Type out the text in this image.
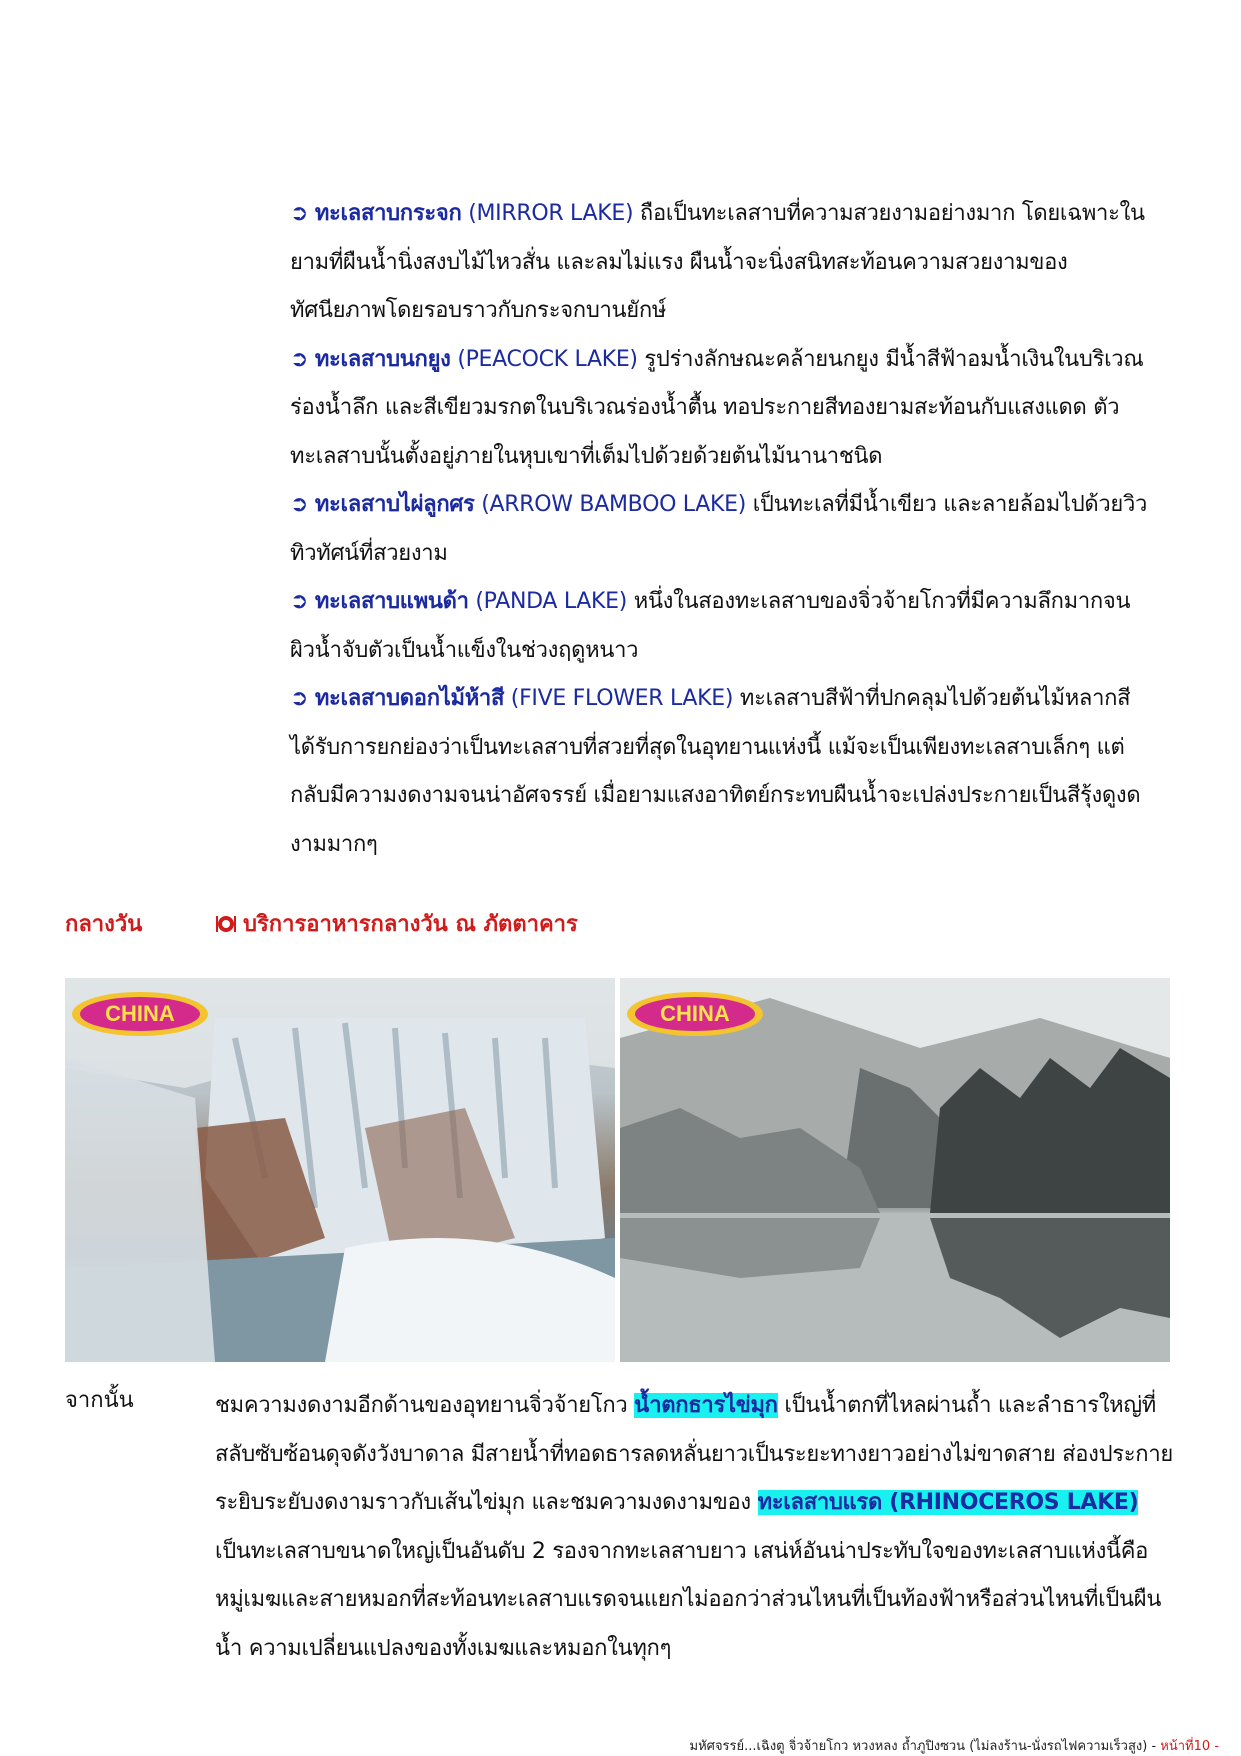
➲ ทะเลสาบกระจก (MIRROR LAKE) ถือเป็นทะเลสาบที่ความสวยงามอย่างมาก โดยเฉพาะในยามที่ผืนน้ำนิ่งสงบไม้ไหวสั่น และลมไม่แรง ผืนน้ำจะนิ่งสนิทสะท้อนความสวยงามของทัศนียภาพโดยรอบราวกับกระจกบานยักษ์

➲ ทะเลสาบนกยูง (PEACOCK LAKE) รูปร่างลักษณะคล้ายนกยูง มีน้ำสีฟ้าอมน้ำเงินในบริเวณร่องน้ำลึก และสีเขียวมรกตในบริเวณร่องน้ำตื้น ทอประกายสีทองยามสะท้อนกับแสงแดด ตัวทะเลสาบนั้นตั้งอยู่ภายในหุบเขาที่เต็มไปด้วยด้วยต้นไม้นานาชนิด

➲ ทะเลสาบไผ่ลูกศร (ARROW BAMBOO LAKE) เป็นทะเลที่มีน้ำเขียว และลายล้อมไปด้วยวิวทิวทัศน์ที่สวยงาม

➲ ทะเลสาบแพนด้า (PANDA LAKE) หนึ่งในสองทะเลสาบของจิ่วจ้ายโกวที่มีความลึกมากจนผิวน้ำจับตัวเป็นน้ำแข็งในช่วงฤดูหนาว

➲ ทะเลสาบดอกไม้ห้าสี (FIVE FLOWER LAKE) ทะเลสาบสีฟ้าที่ปกคลุมไปด้วยต้นไม้หลากสี ได้รับการยกย่องว่าเป็นทะเลสาบที่สวยที่สุดในอุทยานแห่งนี้ แม้จะเป็นเพียงทะเลสาบเล็กๆ แต่กลับมีความงดงามจนน่าอัศจรรย์ เมื่อยามแสงอาทิตย์กระทบผืนน้ำจะเปล่งประกายเป็นสีรุ้งดูงดงามมากๆ

กลางวัน	บริการอาหารกลางวัน ณ ภัตตาคาร
CHINA	CHINA
จากนั้น	ชมความงดงามอีกด้านของอุทยานจิ่วจ้ายโกว น้ำตกธารไข่มุก เป็นน้ำตกที่ไหลผ่านถ้ำ และลำธารใหญ่ที่สลับซับซ้อนดุจดังวังบาดาล มีสายน้ำที่ทอดธารลดหลั่นยาวเป็นระยะทางยาวอย่างไม่ขาดสาย ส่องประกายระยิบระยับงดงามราวกับเส้นไข่มุก และชมความงดงามของ ทะเลสาบแรด (RHINOCEROS LAKE) เป็นทะเลสาบขนาดใหญ่เป็นอันดับ 2 รองจากทะเลสาบยาว เสน่ห์อันน่าประทับใจของทะเลสาบแห่งนี้คือ หมู่เมฆและสายหมอกที่สะท้อนทะเลสาบแรดจนแยกไม่ออกว่าส่วนไหนที่เป็นท้องฟ้าหรือส่วนไหนที่เป็นผืนน้ำ ความเปลี่ยนแปลงของทั้งเมฆและหมอกในทุกๆ

มหัศจรรย์...เฉิงตู จิ่วจ้ายโกว หวงหลง ถ้ำภูปิงซวน (ไม่ลงร้าน-นั่งรถไฟความเร็วสูง) - หน้าที่10 -
